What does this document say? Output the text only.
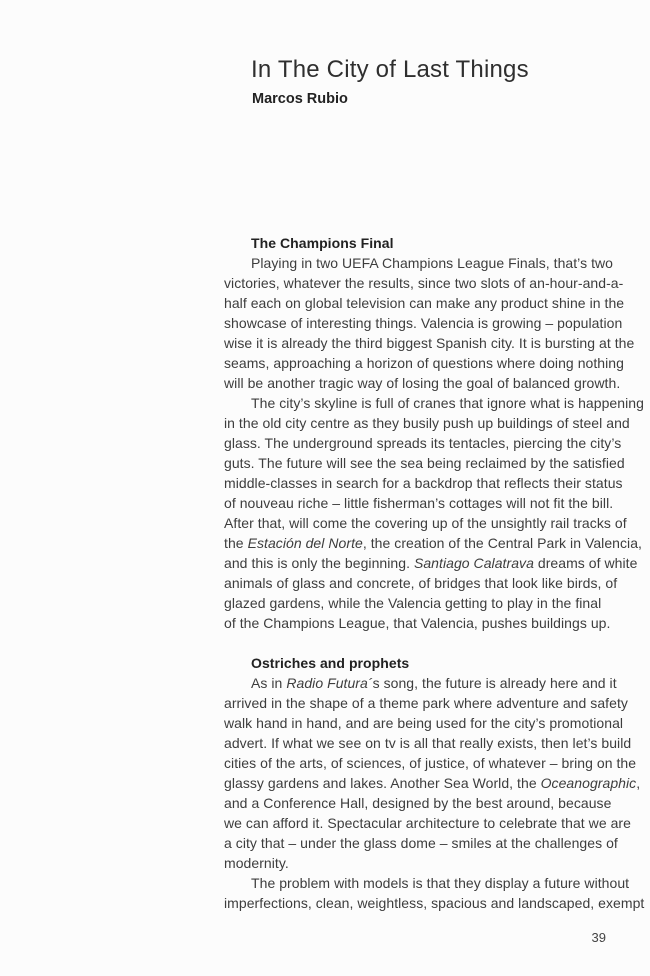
In The City of Last Things
Marcos Rubio
The Champions Final
Playing in two UEFA Champions League Finals, that’s two
victories, whatever the results, since two slots of an-hour-and-a-
half each on global television can make any product shine in the
showcase of interesting things. Valencia is growing – population
wise it is already the third biggest Spanish city. It is bursting at the
seams, approaching a horizon of questions where doing nothing
will be another tragic way of losing the goal of balanced growth.
The city’s skyline is full of cranes that ignore what is happening
in the old city centre as they busily push up buildings of steel and
glass. The underground spreads its tentacles, piercing the city’s
guts. The future will see the sea being reclaimed by the satisfied
middle-classes in search for a backdrop that reflects their status
of nouveau riche – little fisherman’s cottages will not fit the bill.
After that, will come the covering up of the unsightly rail tracks of
the Estación del Norte, the creation of the Central Park in Valencia,
and this is only the beginning. Santiago Calatrava dreams of white
animals of glass and concrete, of bridges that look like birds, of
glazed gardens, while the Valencia getting to play in the final
of the Champions League, that Valencia, pushes buildings up.
Ostriches and prophets
As in Radio Futura´s song, the future is already here and it
arrived in the shape of a theme park where adventure and safety
walk hand in hand, and are being used for the city’s promotional
advert. If what we see on tv is all that really exists, then let’s build
cities of the arts, of sciences, of justice, of whatever – bring on the
glassy gardens and lakes. Another Sea World, the Oceanographic,
and a Conference Hall, designed by the best around, because
we can afford it. Spectacular architecture to celebrate that we are
a city that – under the glass dome – smiles at the challenges of
modernity.
The problem with models is that they display a future without
imperfections, clean, weightless, spacious and landscaped, exempt
39
